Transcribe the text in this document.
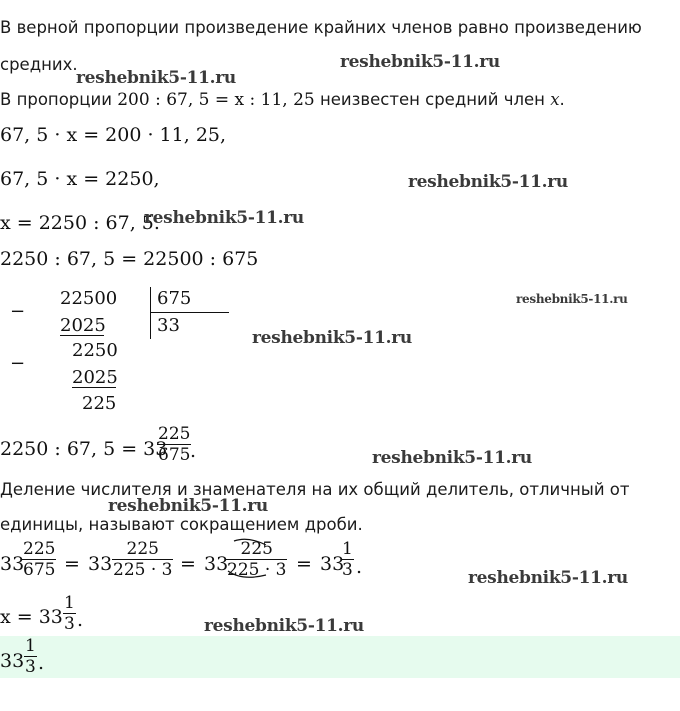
В верной пропорции произведение крайних членов равно произведению
средних.
В пропорции 200 : 67, 5 = x : 11, 25 неизвестен средний член x.
67, 5 · x = 200 · 11, 25,
67, 5 · x = 2250,
x = 2250 : 67, 5.
2250 : 67, 5 = 22500 : 675
−
22500
2025
−
2250
2025
225
675
33
2250 : 67, 5 = 33
$\frac{225}{675}$
.
Деление числителя и знаменателя на их общий делитель, отличный от
единицы, называют сокращением дроби.
33
$\frac{225}{675} = 33 \frac{225}{225 \cdot 3} = 33$
$\frac{225}{225 \cdot 3} = 33$
$\frac{1}{3}$ .
$x = 33 \frac{1}{3}$ .
$33 \frac{1}{3}$ .
reshebnik5-11.ru
reshebnik5-11.ru
reshebnik5-11.ru
reshebnik5-11.ru
reshebnik5-11.ru
reshebnik5-11.ru
reshebnik5-11.ru
reshebnik5-11.ru
reshebnik5-11.ru
reshebnik5-11.ru
